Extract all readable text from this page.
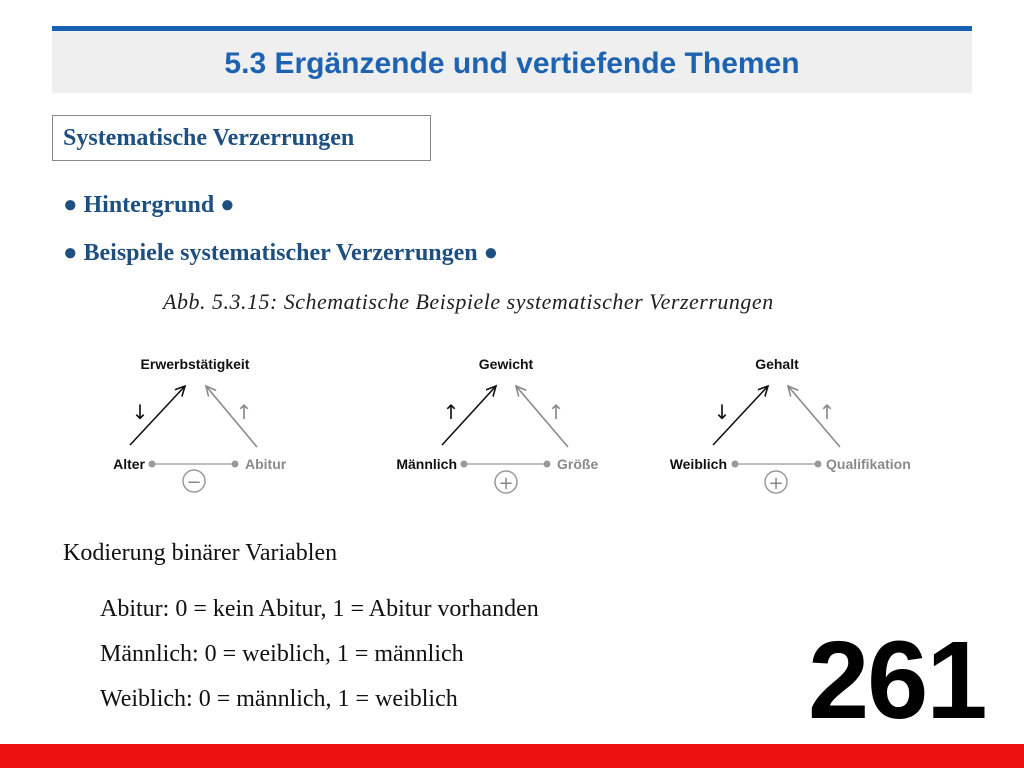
5.3 Ergänzende und vertiefende Themen
Systematische Verzerrungen
● Hintergrund ●
● Beispiele systematischer Verzerrungen ●
Abb. 5.3.15: Schematische Beispiele systematischer Verzerrungen
Erwerbstätigkeit
Alter	Abitur
↓	↑
−
Gewicht
Männlich	Größe
↑	↑
+
Gehalt
Weiblich	Qualifikation
↓	↑
+
Kodierung binärer Variablen
Abitur: 0 = kein Abitur, 1 = Abitur vorhanden
Männlich: 0 = weiblich, 1 = männlich
Weiblich: 0 = männlich, 1 = weiblich	261
